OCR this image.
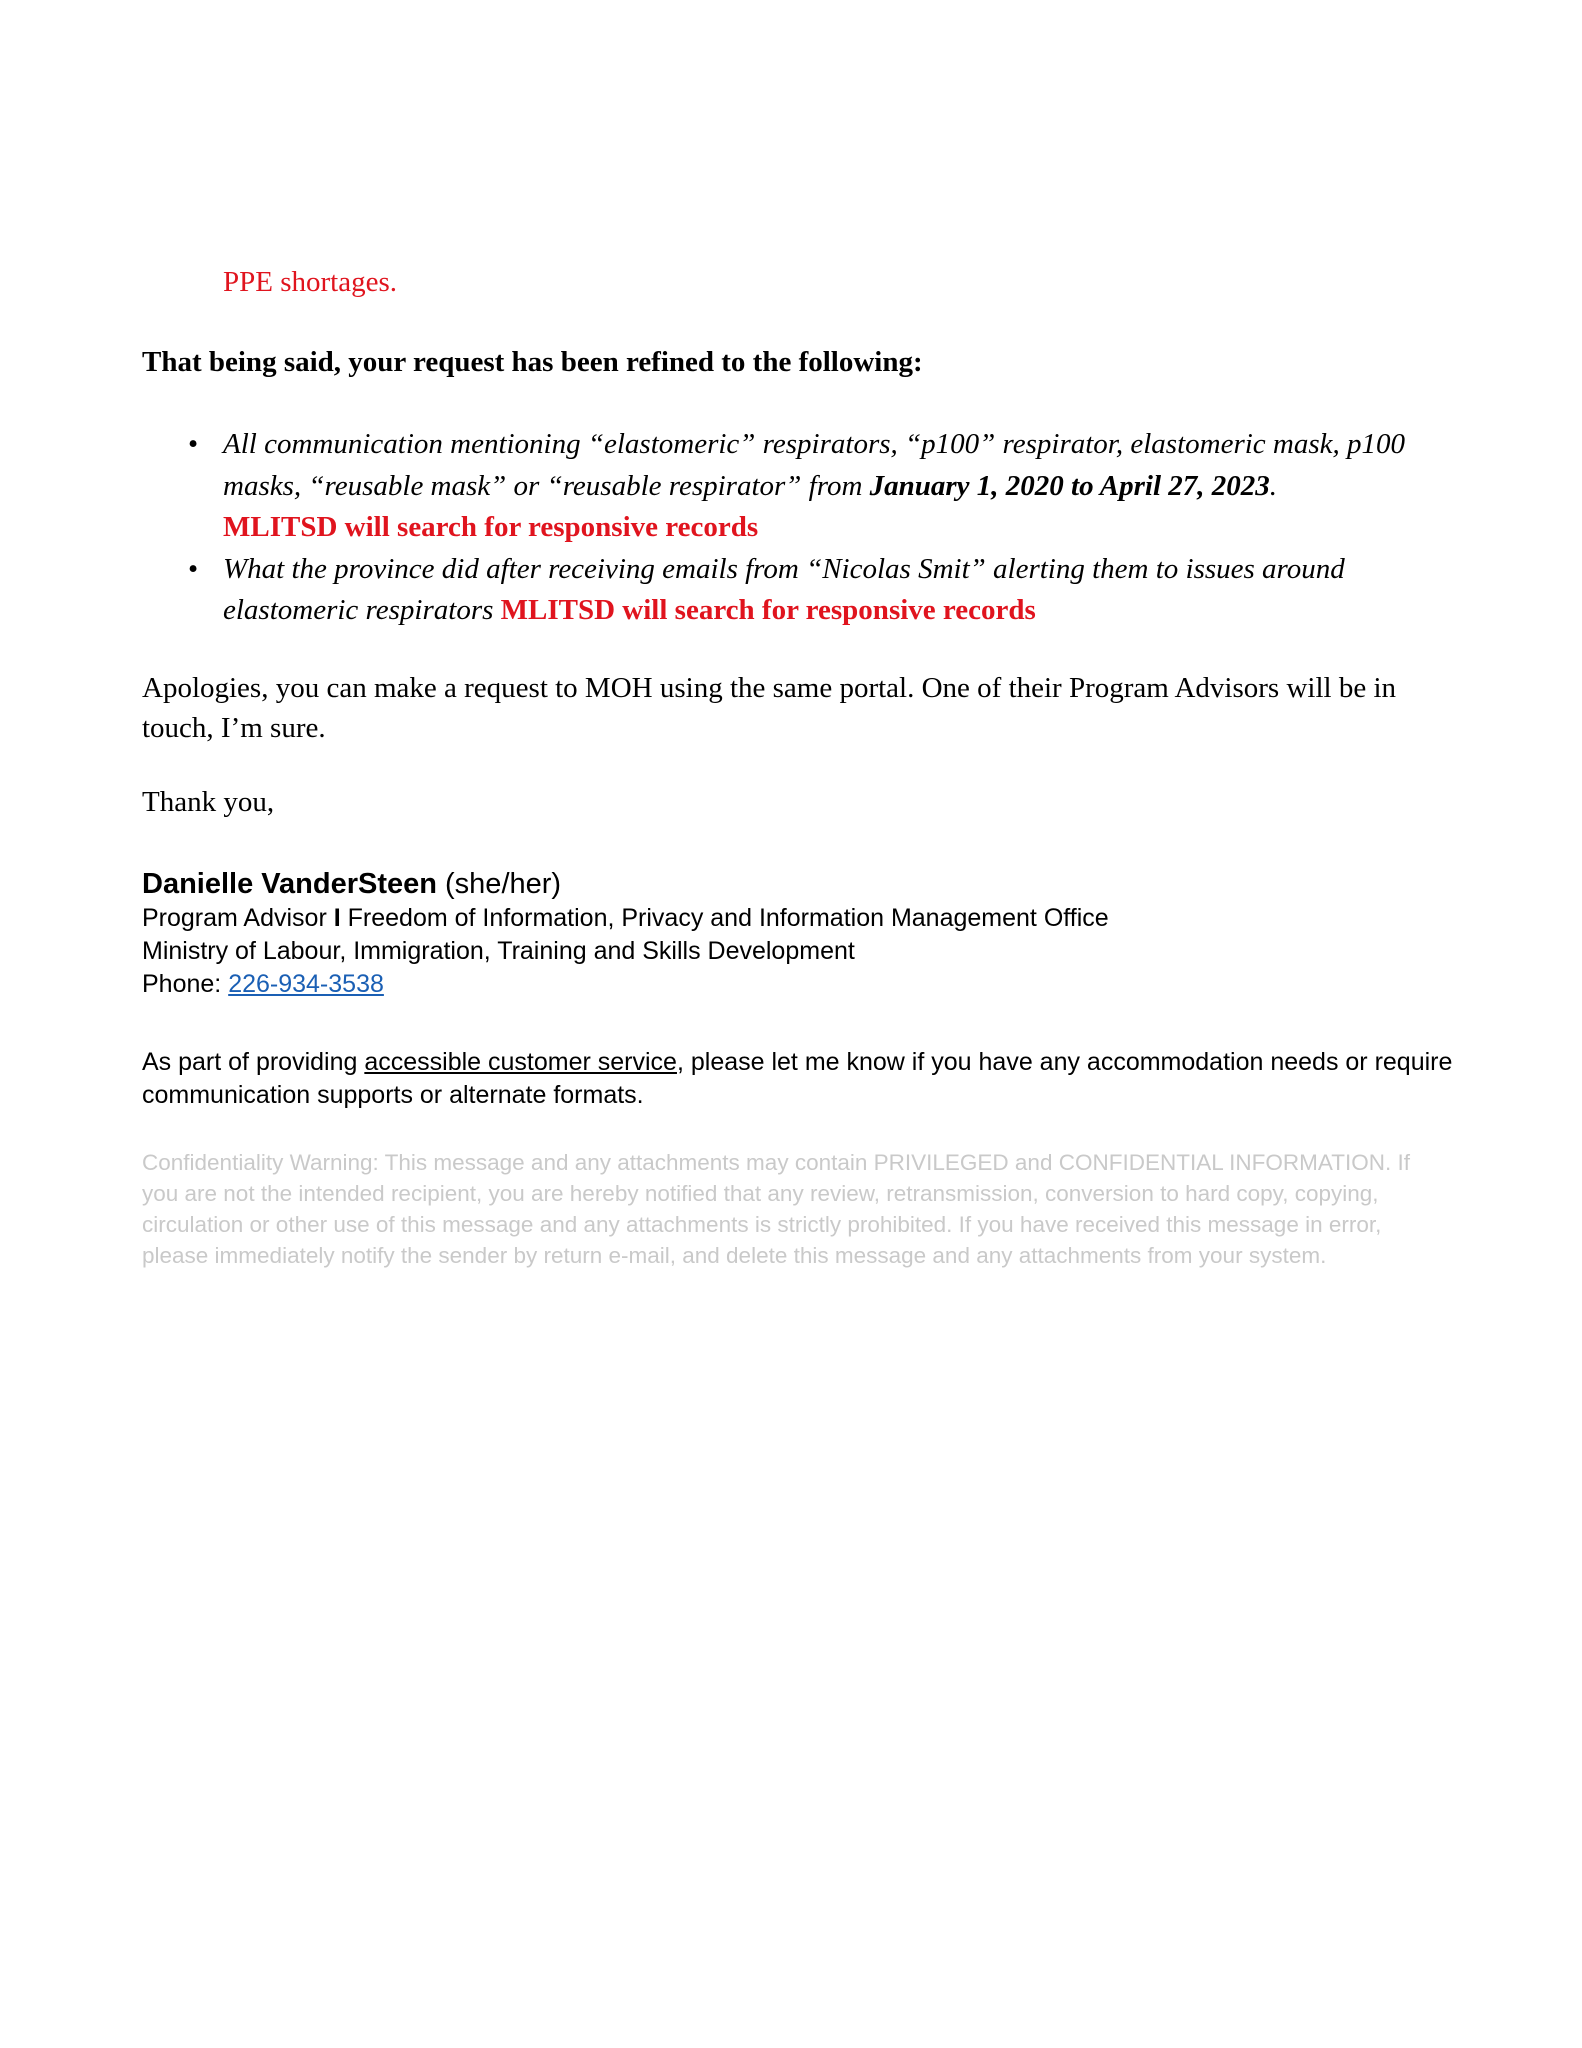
PPE shortages.
That being said, your request has been refined to the following:
• All communication mentioning “elastomeric” respirators, “p100” respirator, elastomeric mask, p100 masks, “reusable mask” or “reusable respirator” from January 1, 2020 to April 27, 2023.
MLITSD will search for responsive records
• What the province did after receiving emails from “Nicolas Smit” alerting them to issues around elastomeric respirators MLITSD will search for responsive records

Apologies, you can make a request to MOH using the same portal. One of their Program Advisors will be in touch, I’m sure.

Thank you,

Danielle VanderSteen (she/her)
Program Advisor I Freedom of Information, Privacy and Information Management Office
Ministry of Labour, Immigration, Training and Skills Development
Phone: 226-934-3538

As part of providing accessible customer service, please let me know if you have any accommodation needs or require communication supports or alternate formats.

Confidentiality Warning: This message and any attachments may contain PRIVILEGED and CONFIDENTIAL INFORMATION. If you are not the intended recipient, you are hereby notified that any review, retransmission, conversion to hard copy, copying, circulation or other use of this message and any attachments is strictly prohibited. If you have received this message in error, please immediately notify the sender by return e-mail, and delete this message and any attachments from your system.
